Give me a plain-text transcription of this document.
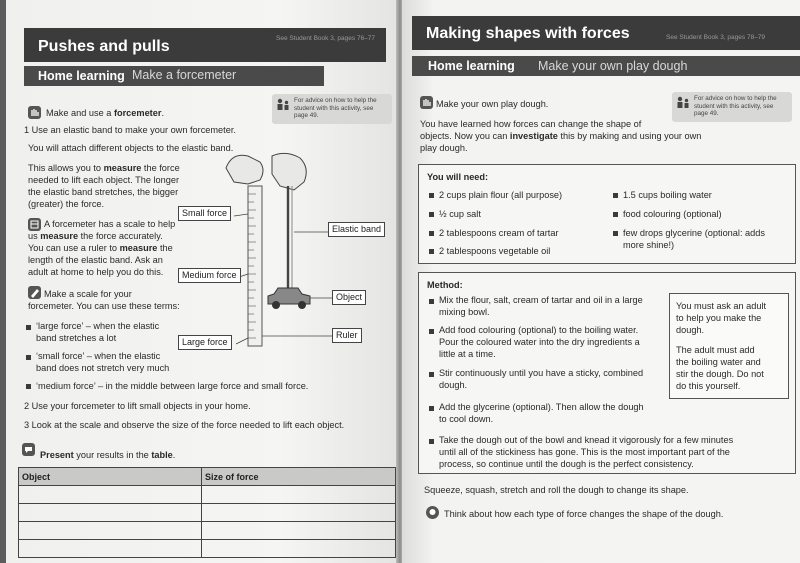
Pushes and pulls	See Student Book 3, pages 76–77
Home learning Make a forcemeter
For advice on how to help the student with this activity, see page 49.
Make and use a forcemeter.
1 Use an elastic band to make your own forcemeter.
You will attach different objects to the elastic band.
This allows you to measure the force
needed to lift each object. The longer
the elastic band stretches, the bigger
(greater) the force.
A forcemeter has a scale to help
us measure the force accurately.
You can use a ruler to measure the
length of the elastic band. Ask an
adult at home to help you do this.
Make a scale for your
forcemeter. You can use these terms:
‘large force’ – when the elastic
band stretches a lot
‘small force’ – when the elastic
band does not stretch very much
‘medium force’ – in the middle between large force and small force.
2 Use your forcemeter to lift small objects in your home.
3 Look at the scale and observe the size of the force needed to lift each object.
Present your results in the table.
Object	Size of force

Small force
Medium force
Large force
Elastic band
Object
Ruler
Making shapes with forces	See Student Book 3, pages 78–79
Home learning Make your own play dough
For advice on how to help the student with this activity, see page 49.
Make your own play dough.
You have learned how forces can change the shape of
objects. Now you can investigate this by making and using your own
play dough.
You will need:
2 cups plain flour (all purpose)
½ cup salt
2 tablespoons cream of tartar
2 tablespoons vegetable oil
1.5 cups boiling water
food colouring (optional)
few drops glycerine (optional: adds
more shine!)
Method:
Mix the flour, salt, cream of tartar and oil in a large
mixing bowl.
Add food colouring (optional) to the boiling water.
Pour the coloured water into the dry ingredients a
little at a time.
Stir continuously until you have a sticky, combined
dough.
Add the glycerine (optional). Then allow the dough
to cool down.
Take the dough out of the bowl and knead it vigorously for a few minutes
until all of the stickiness has gone. This is the most important part of the
process, so continue until the dough is the perfect consistency.
You must ask an adult
to help you make the
dough.
The adult must add
the boiling water and
stir the dough. Do not
do this yourself.
Squeeze, squash, stretch and roll the dough to change its shape.
Think about how each type of force changes the shape of the dough.
